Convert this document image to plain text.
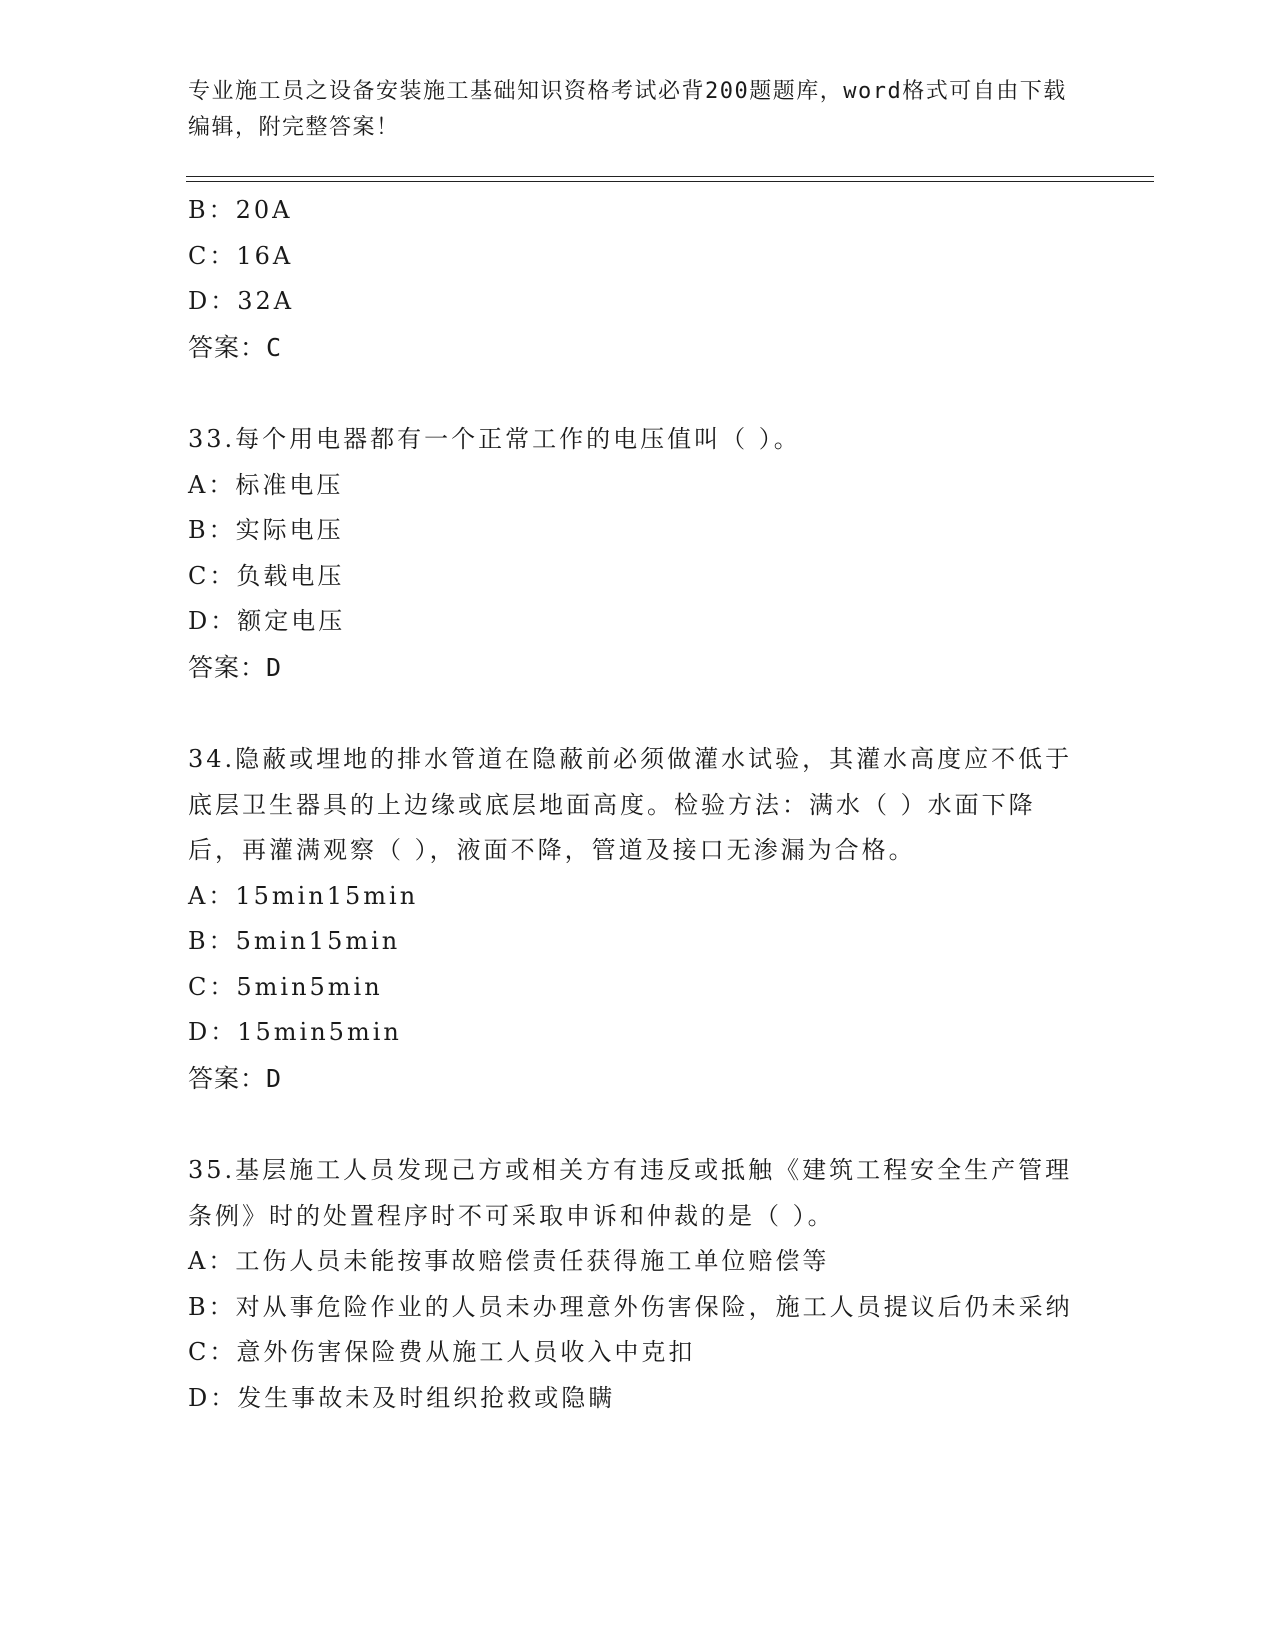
专业施工员之设备安装施工基础知识资格考试必背200题题库，word格式可自由下载编辑，附完整答案！
B：20A
C：16A
D：32A
答案：C
33.每个用电器都有一个正常工作的电压值叫（ ）。
A：标准电压
B：实际电压
C：负载电压
D：额定电压
答案：D
34.隐蔽或埋地的排水管道在隐蔽前必须做灌水试验，其灌水高度应不低于底层卫生器具的上边缘或底层地面高度。检验方法：满水（ ）水面下降后，再灌满观察（ ），液面不降，管道及接口无渗漏为合格。
A：15min15min
B：5min15min
C：5min5min
D：15min5min
答案：D
35.基层施工人员发现己方或相关方有违反或抵触《建筑工程安全生产管理条例》时的处置程序时不可采取申诉和仲裁的是（ ）。
A：工伤人员未能按事故赔偿责任获得施工单位赔偿等
B：对从事危险作业的人员未办理意外伤害保险，施工人员提议后仍未采纳
C：意外伤害保险费从施工人员收入中克扣
D：发生事故未及时组织抢救或隐瞒
